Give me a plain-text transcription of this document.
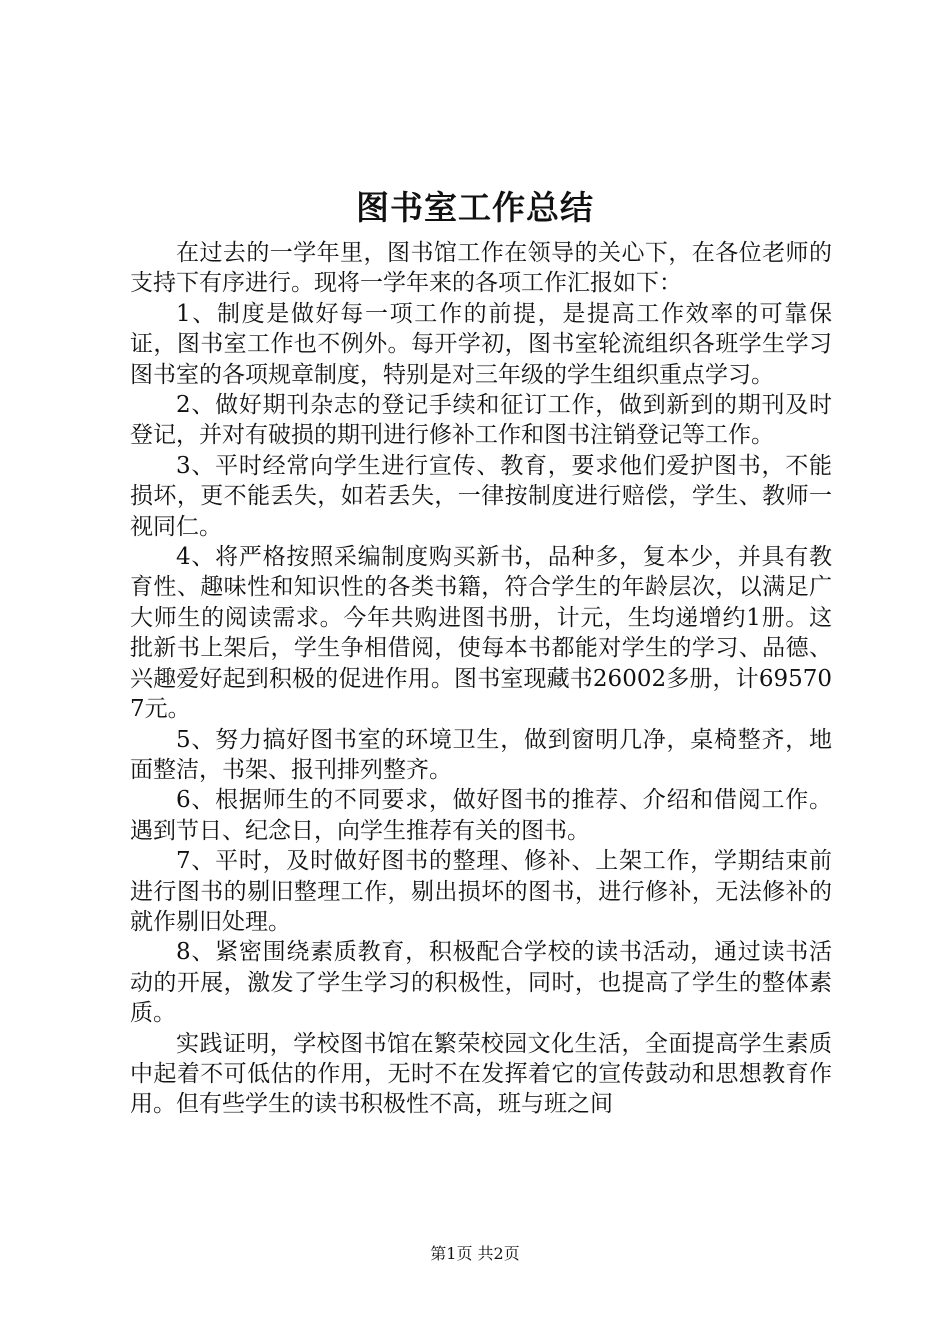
图书室工作总结

在过去的一学年里，图书馆工作在领导的关心下，在各位老师的支持下有序进行。现将一学年来的各项工作汇报如下：

1、制度是做好每一项工作的前提，是提高工作效率的可靠保证，图书室工作也不例外。每开学初，图书室轮流组织各班学生学习图书室的各项规章制度，特别是对三年级的学生组织重点学习。

2、做好期刊杂志的登记手续和征订工作，做到新到的期刊及时登记，并对有破损的期刊进行修补工作和图书注销登记等工作。

3、平时经常向学生进行宣传、教育，要求他们爱护图书，不能损坏，更不能丢失，如若丢失，一律按制度进行赔偿，学生、教师一视同仁。

4、将严格按照采编制度购买新书，品种多，复本少，并具有教育性、趣味性和知识性的各类书籍，符合学生的年龄层次，以满足广大师生的阅读需求。今年共购进图书册，计元，生均递增约1册。这批新书上架后，学生争相借阅，使每本书都能对学生的学习、品德、兴趣爱好起到积极的促进作用。图书室现藏书26002多册，计695707元。

5、努力搞好图书室的环境卫生，做到窗明几净，桌椅整齐，地面整洁，书架、报刊排列整齐。

6、根据师生的不同要求，做好图书的推荐、介绍和借阅工作。遇到节日、纪念日，向学生推荐有关的图书。

7、平时，及时做好图书的整理、修补、上架工作，学期结束前进行图书的剔旧整理工作，剔出损坏的图书，进行修补，无法修补的就作剔旧处理。

8、紧密围绕素质教育，积极配合学校的读书活动，通过读书活动的开展，激发了学生学习的积极性，同时，也提高了学生的整体素质。

实践证明，学校图书馆在繁荣校园文化生活，全面提高学生素质中起着不可低估的作用，无时不在发挥着它的宣传鼓动和思想教育作用。但有些学生的读书积极性不高，班与班之间

第1页 共2页
